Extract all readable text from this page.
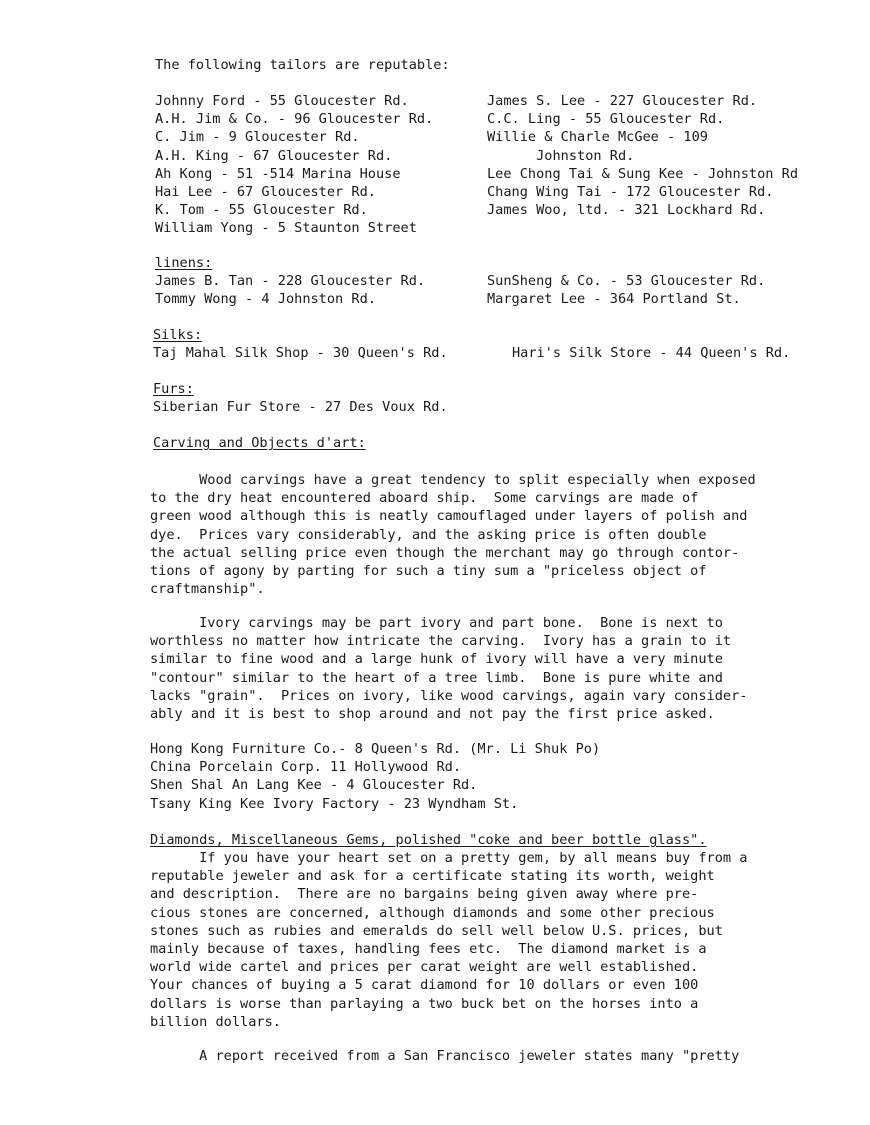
The following tailors are reputable:
Johnny Ford - 55 Gloucester Rd.
A.H. Jim & Co. - 96 Gloucester Rd.
C. Jim - 9 Gloucester Rd.
A.H. King - 67 Gloucester Rd.
Ah Kong - 51 -514 Marina House
Hai Lee - 67 Gloucester Rd.
K. Tom - 55 Gloucester Rd.
William Yong - 5 Staunton Street
James S. Lee - 227 Gloucester Rd.
C.C. Ling - 55 Gloucester Rd.
Willie & Charle McGee - 109
Johnston Rd.
Lee Chong Tai & Sung Kee - Johnston Rd
Chang Wing Tai - 172 Gloucester Rd.
James Woo, ltd. - 321 Lockhard Rd.
linens:
James B. Tan - 228 Gloucester Rd.
Tommy Wong - 4 Johnston Rd.
SunSheng & Co. - 53 Gloucester Rd.
Margaret Lee - 364 Portland St.
Silks:
Taj Mahal Silk Shop - 30 Queen's Rd.	Hari's Silk Store - 44 Queen's Rd.
Furs:
Siberian Fur Store - 27 Des Voux Rd.
Carving and Objects d'art:
Wood carvings have a great tendency to split especially when exposed
to the dry heat encountered aboard ship.  Some carvings are made of
green wood although this is neatly camouflaged under layers of polish and
dye.  Prices vary considerably, and the asking price is often double
the actual selling price even though the merchant may go through contor-
tions of agony by parting for such a tiny sum a "priceless object of
craftmanship".
Ivory carvings may be part ivory and part bone.  Bone is next to
worthless no matter how intricate the carving.  Ivory has a grain to it
similar to fine wood and a large hunk of ivory will have a very minute
"contour" similar to the heart of a tree limb.  Bone is pure white and
lacks "grain".  Prices on ivory, like wood carvings, again vary consider-
ably and it is best to shop around and not pay the first price asked.
Hong Kong Furniture Co.- 8 Queen's Rd. (Mr. Li Shuk Po)
China Porcelain Corp. 11 Hollywood Rd.
Shen Shal An Lang Kee - 4 Gloucester Rd.
Tsany King Kee Ivory Factory - 23 Wyndham St.
Diamonds, Miscellaneous Gems, polished "coke and beer bottle glass".
If you have your heart set on a pretty gem, by all means buy from a
reputable jeweler and ask for a certificate stating its worth, weight
and description.  There are no bargains being given away where pre-
cious stones are concerned, although diamonds and some other precious
stones such as rubies and emeralds do sell well below U.S. prices, but
mainly because of taxes, handling fees etc.  The diamond market is a
world wide cartel and prices per carat weight are well established.
Your chances of buying a 5 carat diamond for 10 dollars or even 100
dollars is worse than parlaying a two buck bet on the horses into a
billion dollars.
A report received from a San Francisco jeweler states many "pretty
